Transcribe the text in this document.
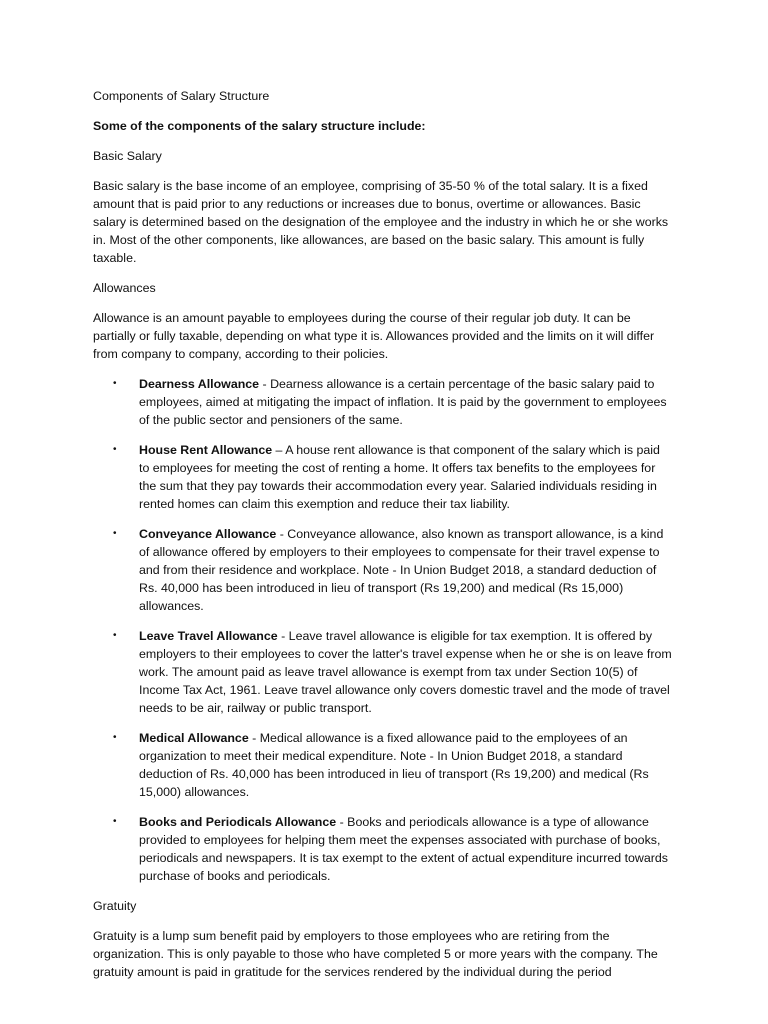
Components of Salary Structure

Some of the components of the salary structure include:

Basic Salary

Basic salary is the base income of an employee, comprising of 35-50 % of the total salary. It is a fixed amount that is paid prior to any reductions or increases due to bonus, overtime or allowances. Basic salary is determined based on the designation of the employee and the industry in which he or she works in. Most of the other components, like allowances, are based on the basic salary. This amount is fully taxable.

Allowances

Allowance is an amount payable to employees during the course of their regular job duty. It can be partially or fully taxable, depending on what type it is. Allowances provided and the limits on it will differ from company to company, according to their policies.

• Dearness Allowance - Dearness allowance is a certain percentage of the basic salary paid to employees, aimed at mitigating the impact of inflation. It is paid by the government to employees of the public sector and pensioners of the same.
• House Rent Allowance – A house rent allowance is that component of the salary which is paid to employees for meeting the cost of renting a home. It offers tax benefits to the employees for the sum that they pay towards their accommodation every year. Salaried individuals residing in rented homes can claim this exemption and reduce their tax liability.
• Conveyance Allowance - Conveyance allowance, also known as transport allowance, is a kind of allowance offered by employers to their employees to compensate for their travel expense to and from their residence and workplace. Note - In Union Budget 2018, a standard deduction of Rs. 40,000 has been introduced in lieu of transport (Rs 19,200) and medical (Rs 15,000) allowances.
• Leave Travel Allowance - Leave travel allowance is eligible for tax exemption. It is offered by employers to their employees to cover the latter's travel expense when he or she is on leave from work. The amount paid as leave travel allowance is exempt from tax under Section 10(5) of Income Tax Act, 1961. Leave travel allowance only covers domestic travel and the mode of travel needs to be air, railway or public transport.
• Medical Allowance - Medical allowance is a fixed allowance paid to the employees of an organization to meet their medical expenditure. Note - In Union Budget 2018, a standard deduction of Rs. 40,000 has been introduced in lieu of transport (Rs 19,200) and medical (Rs 15,000) allowances.
• Books and Periodicals Allowance - Books and periodicals allowance is a type of allowance provided to employees for helping them meet the expenses associated with purchase of books, periodicals and newspapers. It is tax exempt to the extent of actual expenditure incurred towards purchase of books and periodicals.

Gratuity

Gratuity is a lump sum benefit paid by employers to those employees who are retiring from the organization. This is only payable to those who have completed 5 or more years with the company. The gratuity amount is paid in gratitude for the services rendered by the individual during the period
